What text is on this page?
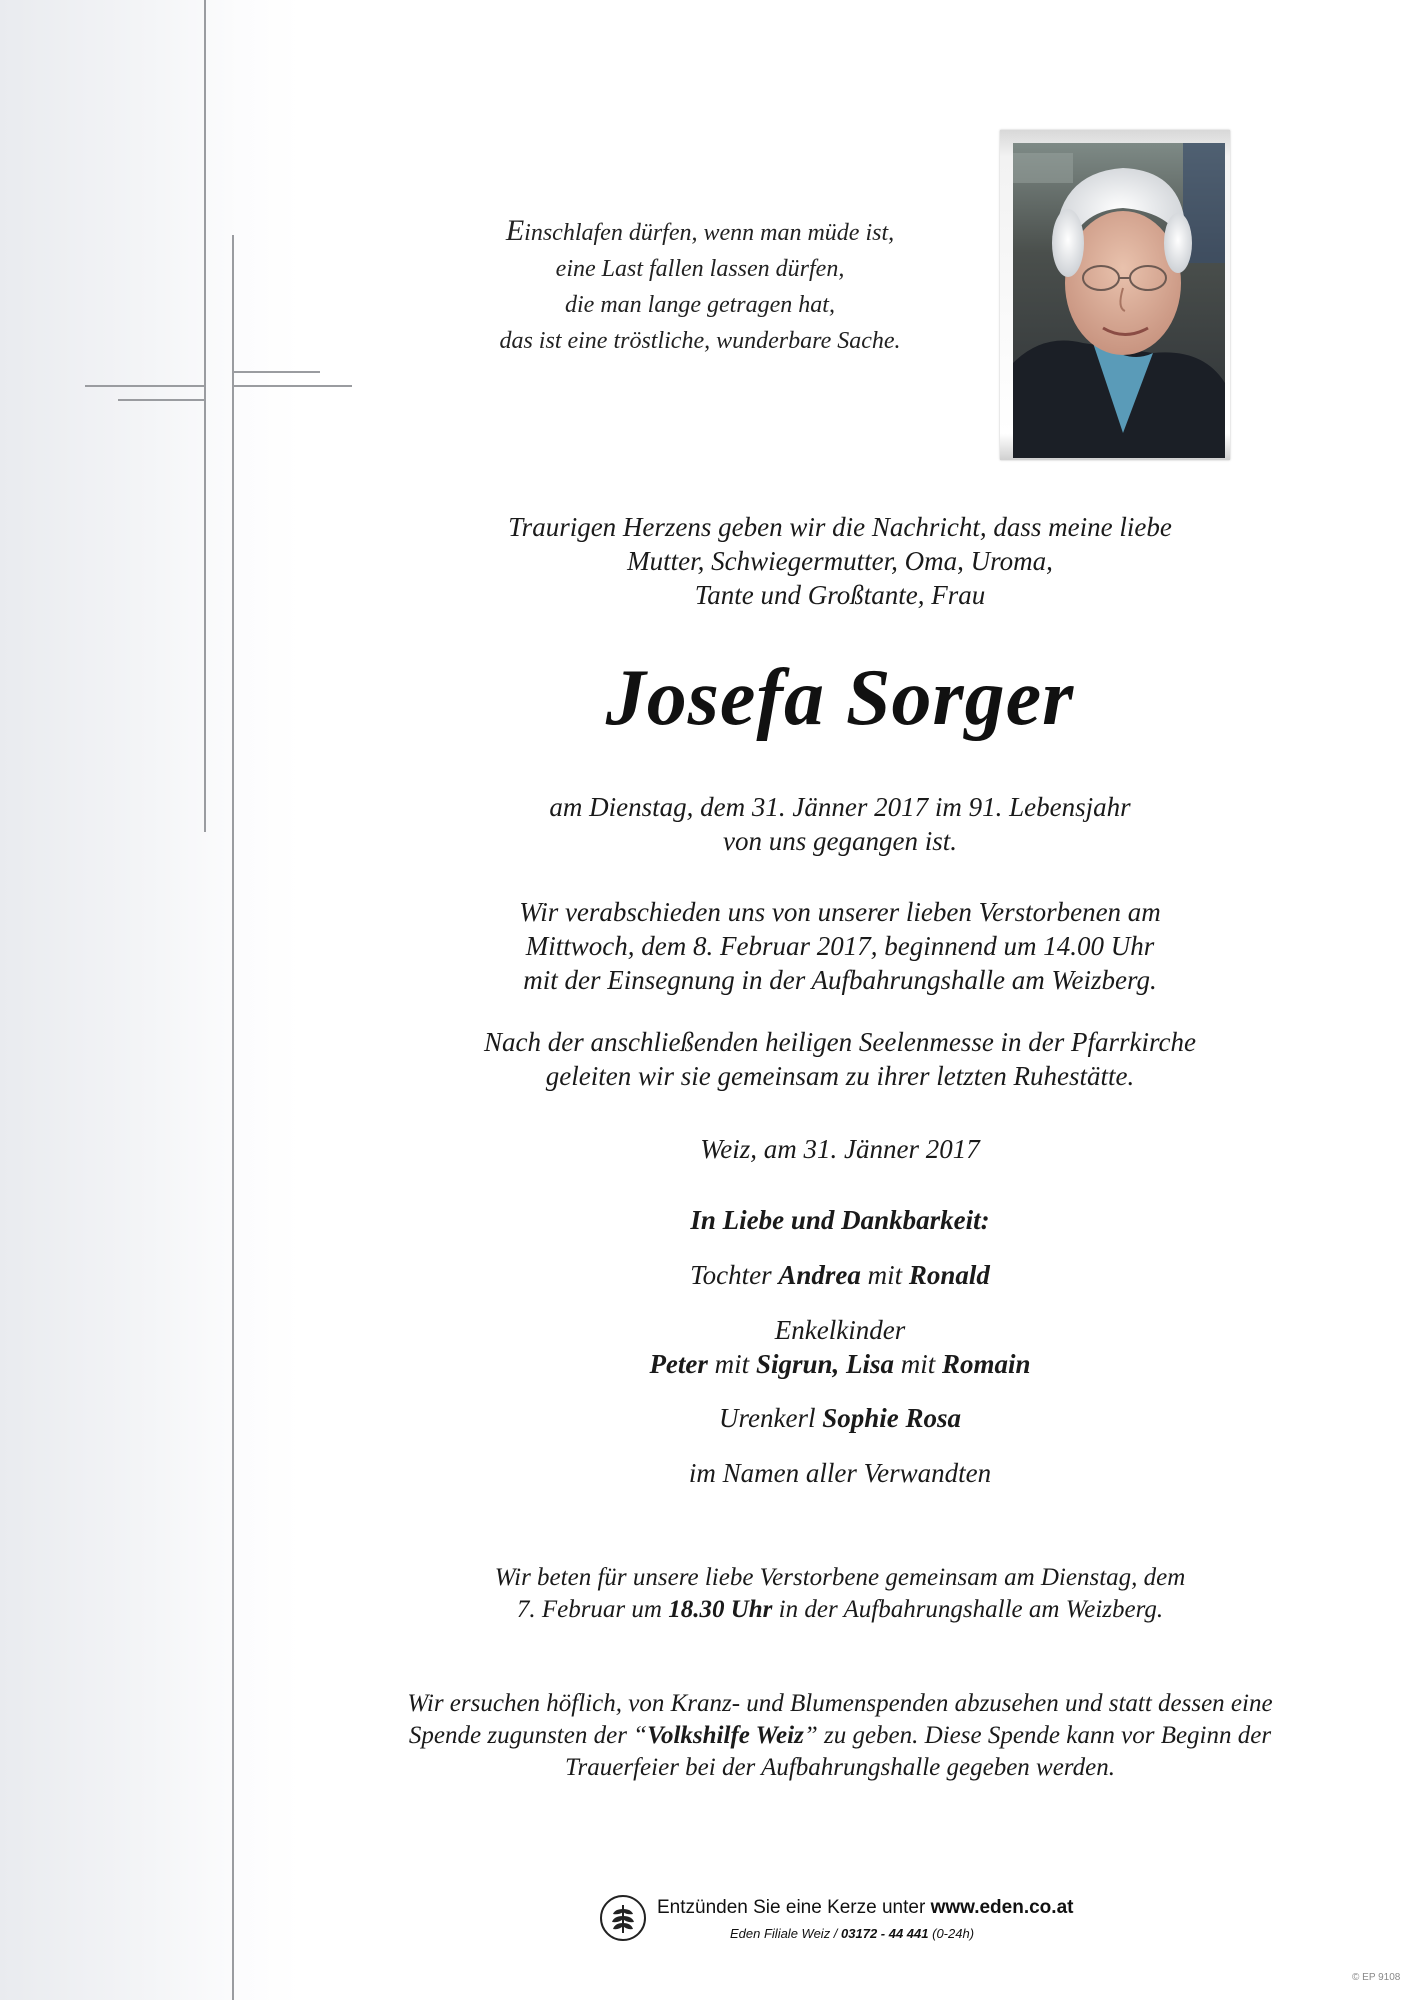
Einschlafen dürfen, wenn man müde ist,
eine Last fallen lassen dürfen,
die man lange getragen hat,
das ist eine tröstliche, wunderbare Sache.
Traurigen Herzens geben wir die Nachricht, dass meine liebe
Mutter, Schwiegermutter, Oma, Uroma,
Tante und Großtante, Frau
Josefa Sorger
am Dienstag, dem 31. Jänner 2017 im 91. Lebensjahr
von uns gegangen ist.
Wir verabschieden uns von unserer lieben Verstorbenen am
Mittwoch, dem 8. Februar 2017, beginnend um 14.00 Uhr
mit der Einsegnung in der Aufbahrungshalle am Weizberg.
Nach der anschließenden heiligen Seelenmesse in der Pfarrkirche
geleiten wir sie gemeinsam zu ihrer letzten Ruhestätte.
Weiz, am 31. Jänner 2017
In Liebe und Dankbarkeit:
Tochter Andrea mit Ronald
Enkelkinder
Peter mit Sigrun, Lisa mit Romain
Urenkerl Sophie Rosa
im Namen aller Verwandten
Wir beten für unsere liebe Verstorbene gemeinsam am Dienstag, dem
7. Februar um 18.30 Uhr in der Aufbahrungshalle am Weizberg.
Wir ersuchen höflich, von Kranz- und Blumenspenden abzusehen und statt dessen eine
Spende zugunsten der “Volkshilfe Weiz” zu geben. Diese Spende kann vor Beginn der
Trauerfeier bei der Aufbahrungshalle gegeben werden.
Entzünden Sie eine Kerze unter www.eden.co.at
Eden Filiale Weiz / 03172 - 44 441 (0-24h)
© EP 9108
